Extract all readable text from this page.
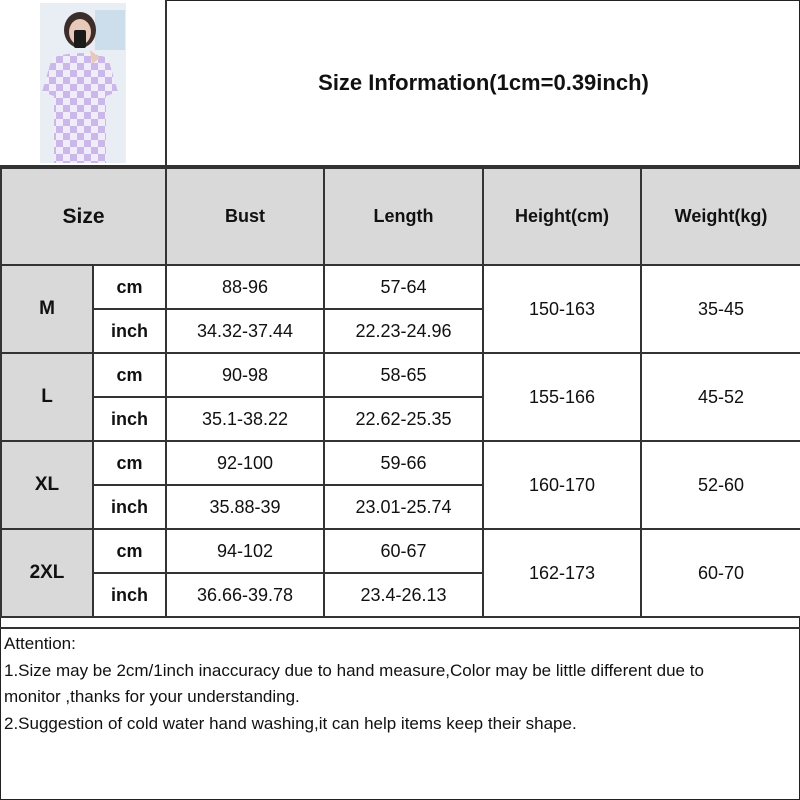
Size Information(1cm=0.39inch)
Size		Bust	Length	Height(cm)	Weight(kg)
M	cm	88-96	57-64	150-163	35-45
	inch	34.32-37.44	22.23-24.96		
L	cm	90-98	58-65	155-166	45-52
	inch	35.1-38.22	22.62-25.35		
XL	cm	92-100	59-66	160-170	52-60
	inch	35.88-39	23.01-25.74		
2XL	cm	94-102	60-67	162-173	60-70
	inch	36.66-39.78	23.4-26.13		
Attention:
1.Size may be 2cm/1inch inaccuracy due to hand measure,Color may be little different due to
monitor ,thanks for your understanding.
2.Suggestion of cold water hand washing,it can help items keep their shape.
